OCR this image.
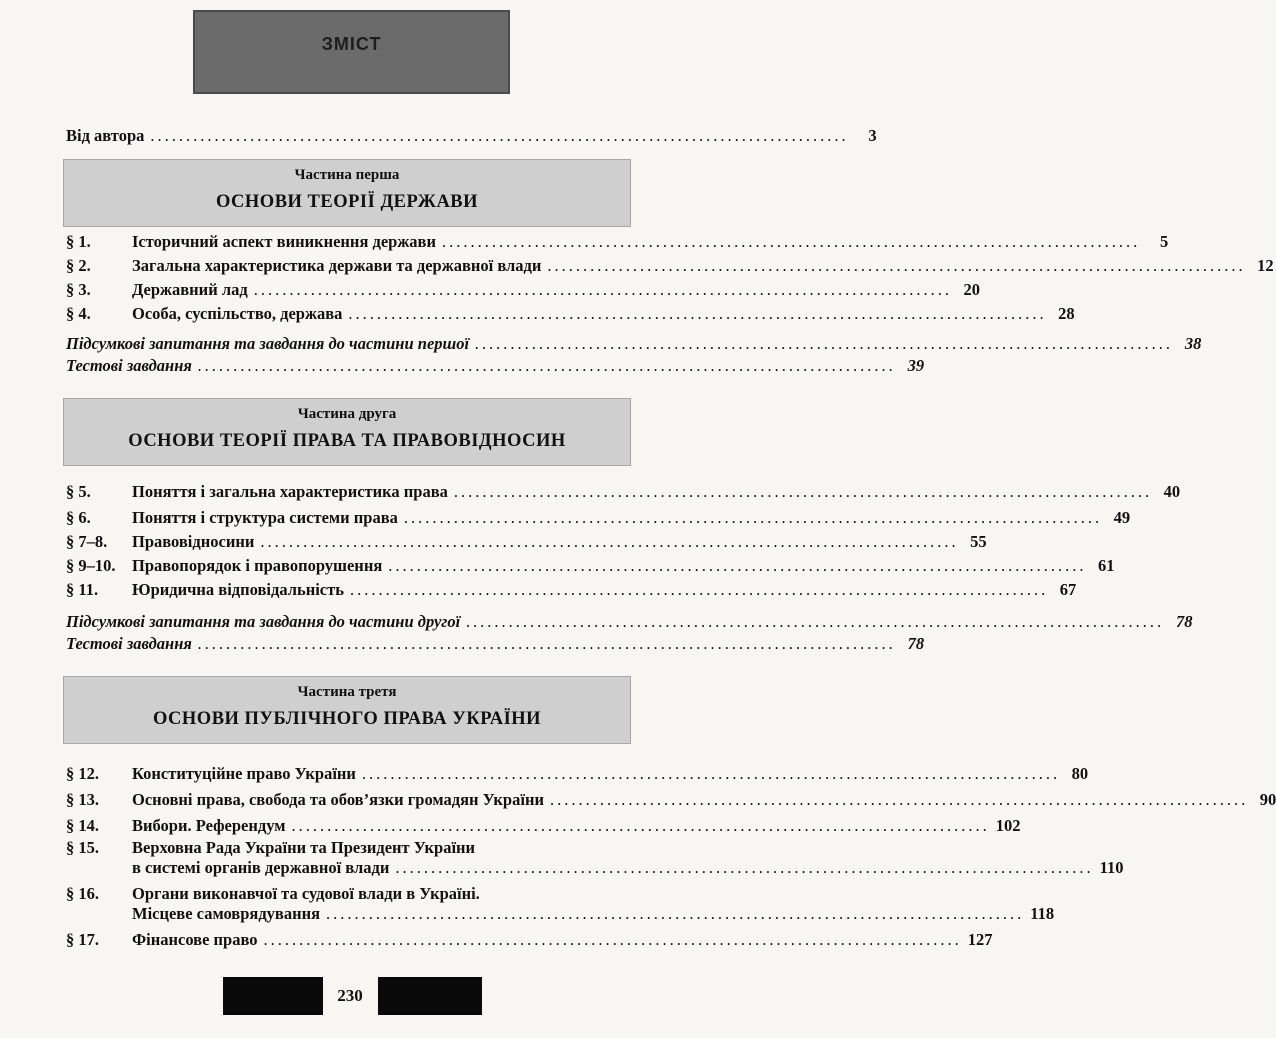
ЗМІСТ
Від автора ..................................................................................................	3
Частина перша
ОСНОВИ ТЕОРІЇ ДЕРЖАВИ
§ 1.	Історичний аспект виникнення держави ..................................................................................................	5
§ 2.	Загальна характеристика держави та державної влади .................................................................................................. 12
§ 3.	Державний лад .................................................................................................. 20
§ 4.	Особа, суспільство, держава .................................................................................................. 28
Підсумкові запитання та завдання до частини першої .................................................................................................. 38
Тестові завдання .................................................................................................. 39
Частина друга
ОСНОВИ ТЕОРІЇ ПРАВА ТА ПРАВОВІДНОСИН
§ 5.	Поняття і загальна характеристика права .................................................................................................. 40
§ 6.	Поняття і структура системи права .................................................................................................. 49
§ 7–8.	Правовідносини .................................................................................................. 55
§ 9–10.	Правопорядок і правопорушення .................................................................................................. 61
§ 11.	Юридична відповідальність .................................................................................................. 67
Підсумкові запитання та завдання до частини другої .................................................................................................. 78
Тестові завдання .................................................................................................. 78
Частина третя
ОСНОВИ ПУБЛІЧНОГО ПРАВА УКРАЇНИ
§ 12.	Конституційне право України .................................................................................................. 80
§ 13.	Основні права, свобода та обов’язки громадян України .................................................................................................. 90
§ 14.	Вибори. Референдум .................................................................................................. 102
§ 15.	Верховна Рада України та Президент України
в системі органів державної влади .................................................................................................. 110
§ 16.	Органи виконавчої та судової влади в Україні.
Місцеве самоврядування .................................................................................................. 118
§ 17.	Фінансове право .................................................................................................. 127
230
